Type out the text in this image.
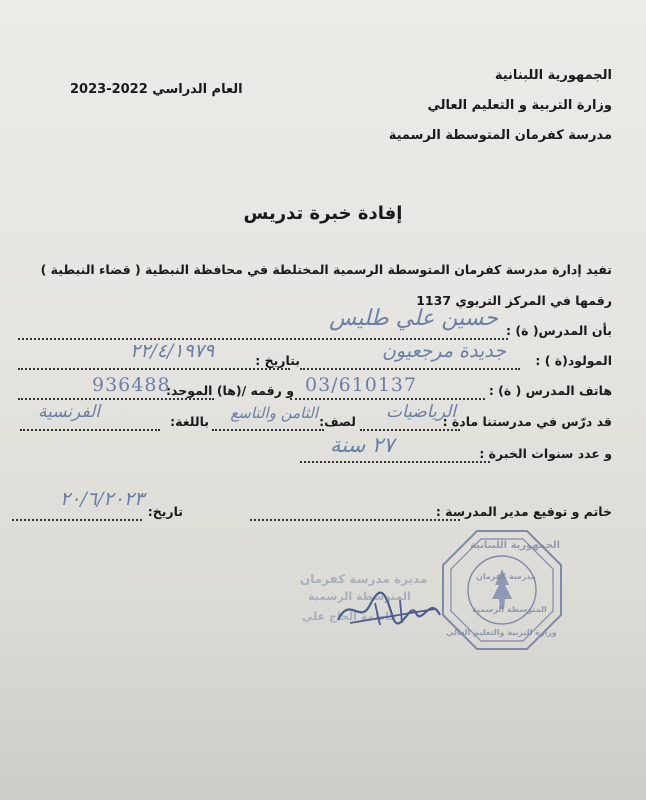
الجمهورية اللبنانية
وزارة التربية و التعليم العالي
مدرسة كفرمان المتوسطة الرسمية
العام الدراسي 2022-2023
إفادة خبرة تدريس
تفيد إدارة مدرسة كفرمان المتوسطة الرسمية المختلطة في محافظة النبطية ( قضاء النبطية )
رقمها في المركز التربوي 1137
بأن المدرس( ة) :
حسين علي طليس
المولود(ة ) :
جديدة مرجعيون
بتاريخ :
٢٢/٤/١٩٧٩
هاتف المدرس ( ة) :
03/610137
و رقمه /(ها) الموحد:
936488
قد درّس في مدرستنا مادة :
الرياضيات
لصف:
الثامن والتاسع
باللغة:
الفرنسية
و عدد سنوات الخبرة :
٢٧ سنة
خاتم و توقيع مدير المدرسة :
تاريخ:
٢٠/٦/٢٠٢٣
مديرة مدرسة كفرمان
المتوسطة الرسمية
فاطمة الحاج علي
الجمهورية اللبنانية
مدرسة كفرمان
المتوسطة الرسمية
وزارة التربية والتعليم العالي
